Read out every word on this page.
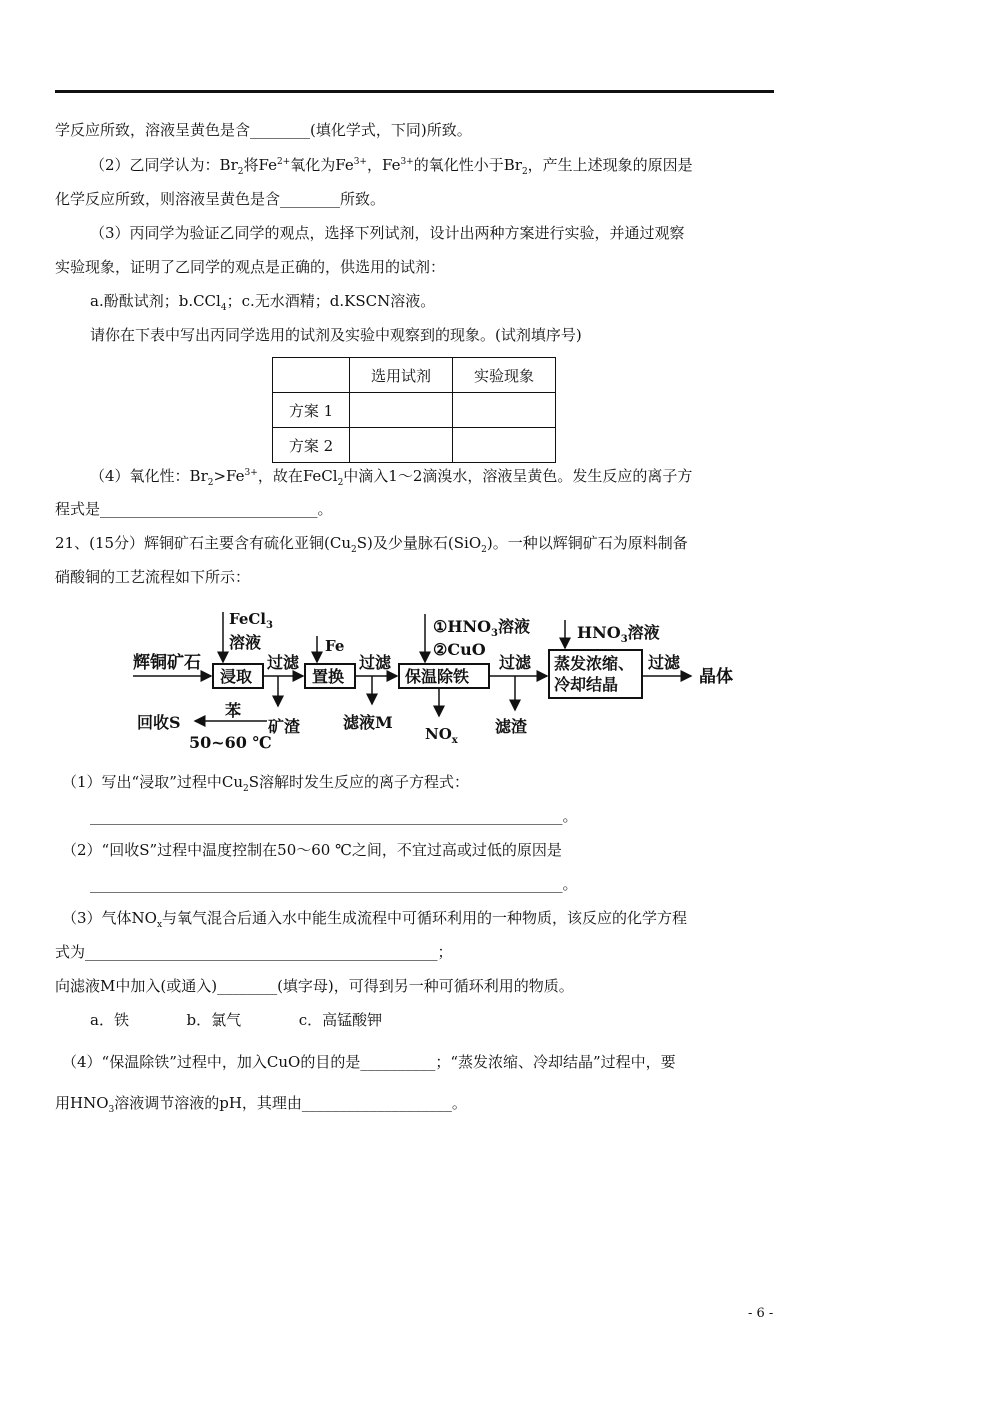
学反应所致，溶液呈黄色是含________(填化学式，下同)所致。
（2）乙同学认为：$Br_2$将$Fe^{2+}$氧化为$Fe^{3+}$，$Fe^{3+}$的氧化性小于$Br_2$，产生上述现象的原因是
化学反应所致，则溶液呈黄色是含________所致。
（3）丙同学为验证乙同学的观点，选择下列试剂，设计出两种方案进行实验，并通过观察
实验现象，证明了乙同学的观点是正确的，供选用的试剂：
a.酚酞试剂；b.CCl$_4$；c.无水酒精；d.KSCN溶液。
请你在下表中写出丙同学选用的试剂及实验中观察到的现象。(试剂填序号)
	选用试剂	实验现象
方案 1		
方案 2		
（4）氧化性：$Br_2>Fe^{3+}$，故在FeCl$_2$中滴入1～2滴溴水，溶液呈黄色。发生反应的离子方
程式是_____________________________。
21、(15分）辉铜矿石主要含有硫化亚铜$(Cu_2S)$及少量脉石(SiO$_2$)。一种以辉铜矿石为原料制备
硝酸铜的工艺流程如下所示：
辉铜矿石
FeCl$_3$
溶液
浸取
过滤
Fe
置换
过滤
$①HNO_3$溶液
②CuO
保温除铁
过滤
$HNO_3$溶液
蒸发浓缩、
冷却结晶
过滤
晶体
苯
回收S
50~60 ℃
矿渣	滤液M
$NO_x$
滤渣
（1）写出“浸取”过程中$Cu_2S$溶解时发生反应的离子方程式：
_______________________________________________________________。
（2）“回收S”过程中温度控制在50～60 ℃之间，不宜过高或过低的原因是
_______________________________________________________________。
（3）气体$NO_x$与氧气混合后通入水中能生成流程中可循环利用的一种物质，该反应的化学方程
式为_______________________________________________；
向滤液M中加入(或通入)________(填字母)，可得到另一种可循环利用的物质。
a．铁	b．氯气	c．高锰酸钾
（4）“保温除铁”过程中，加入CuO的目的是__________；“蒸发浓缩、冷却结晶”过程中，要
用$HNO_3$溶液调节溶液的pH，其理由____________________。
- 6 -
